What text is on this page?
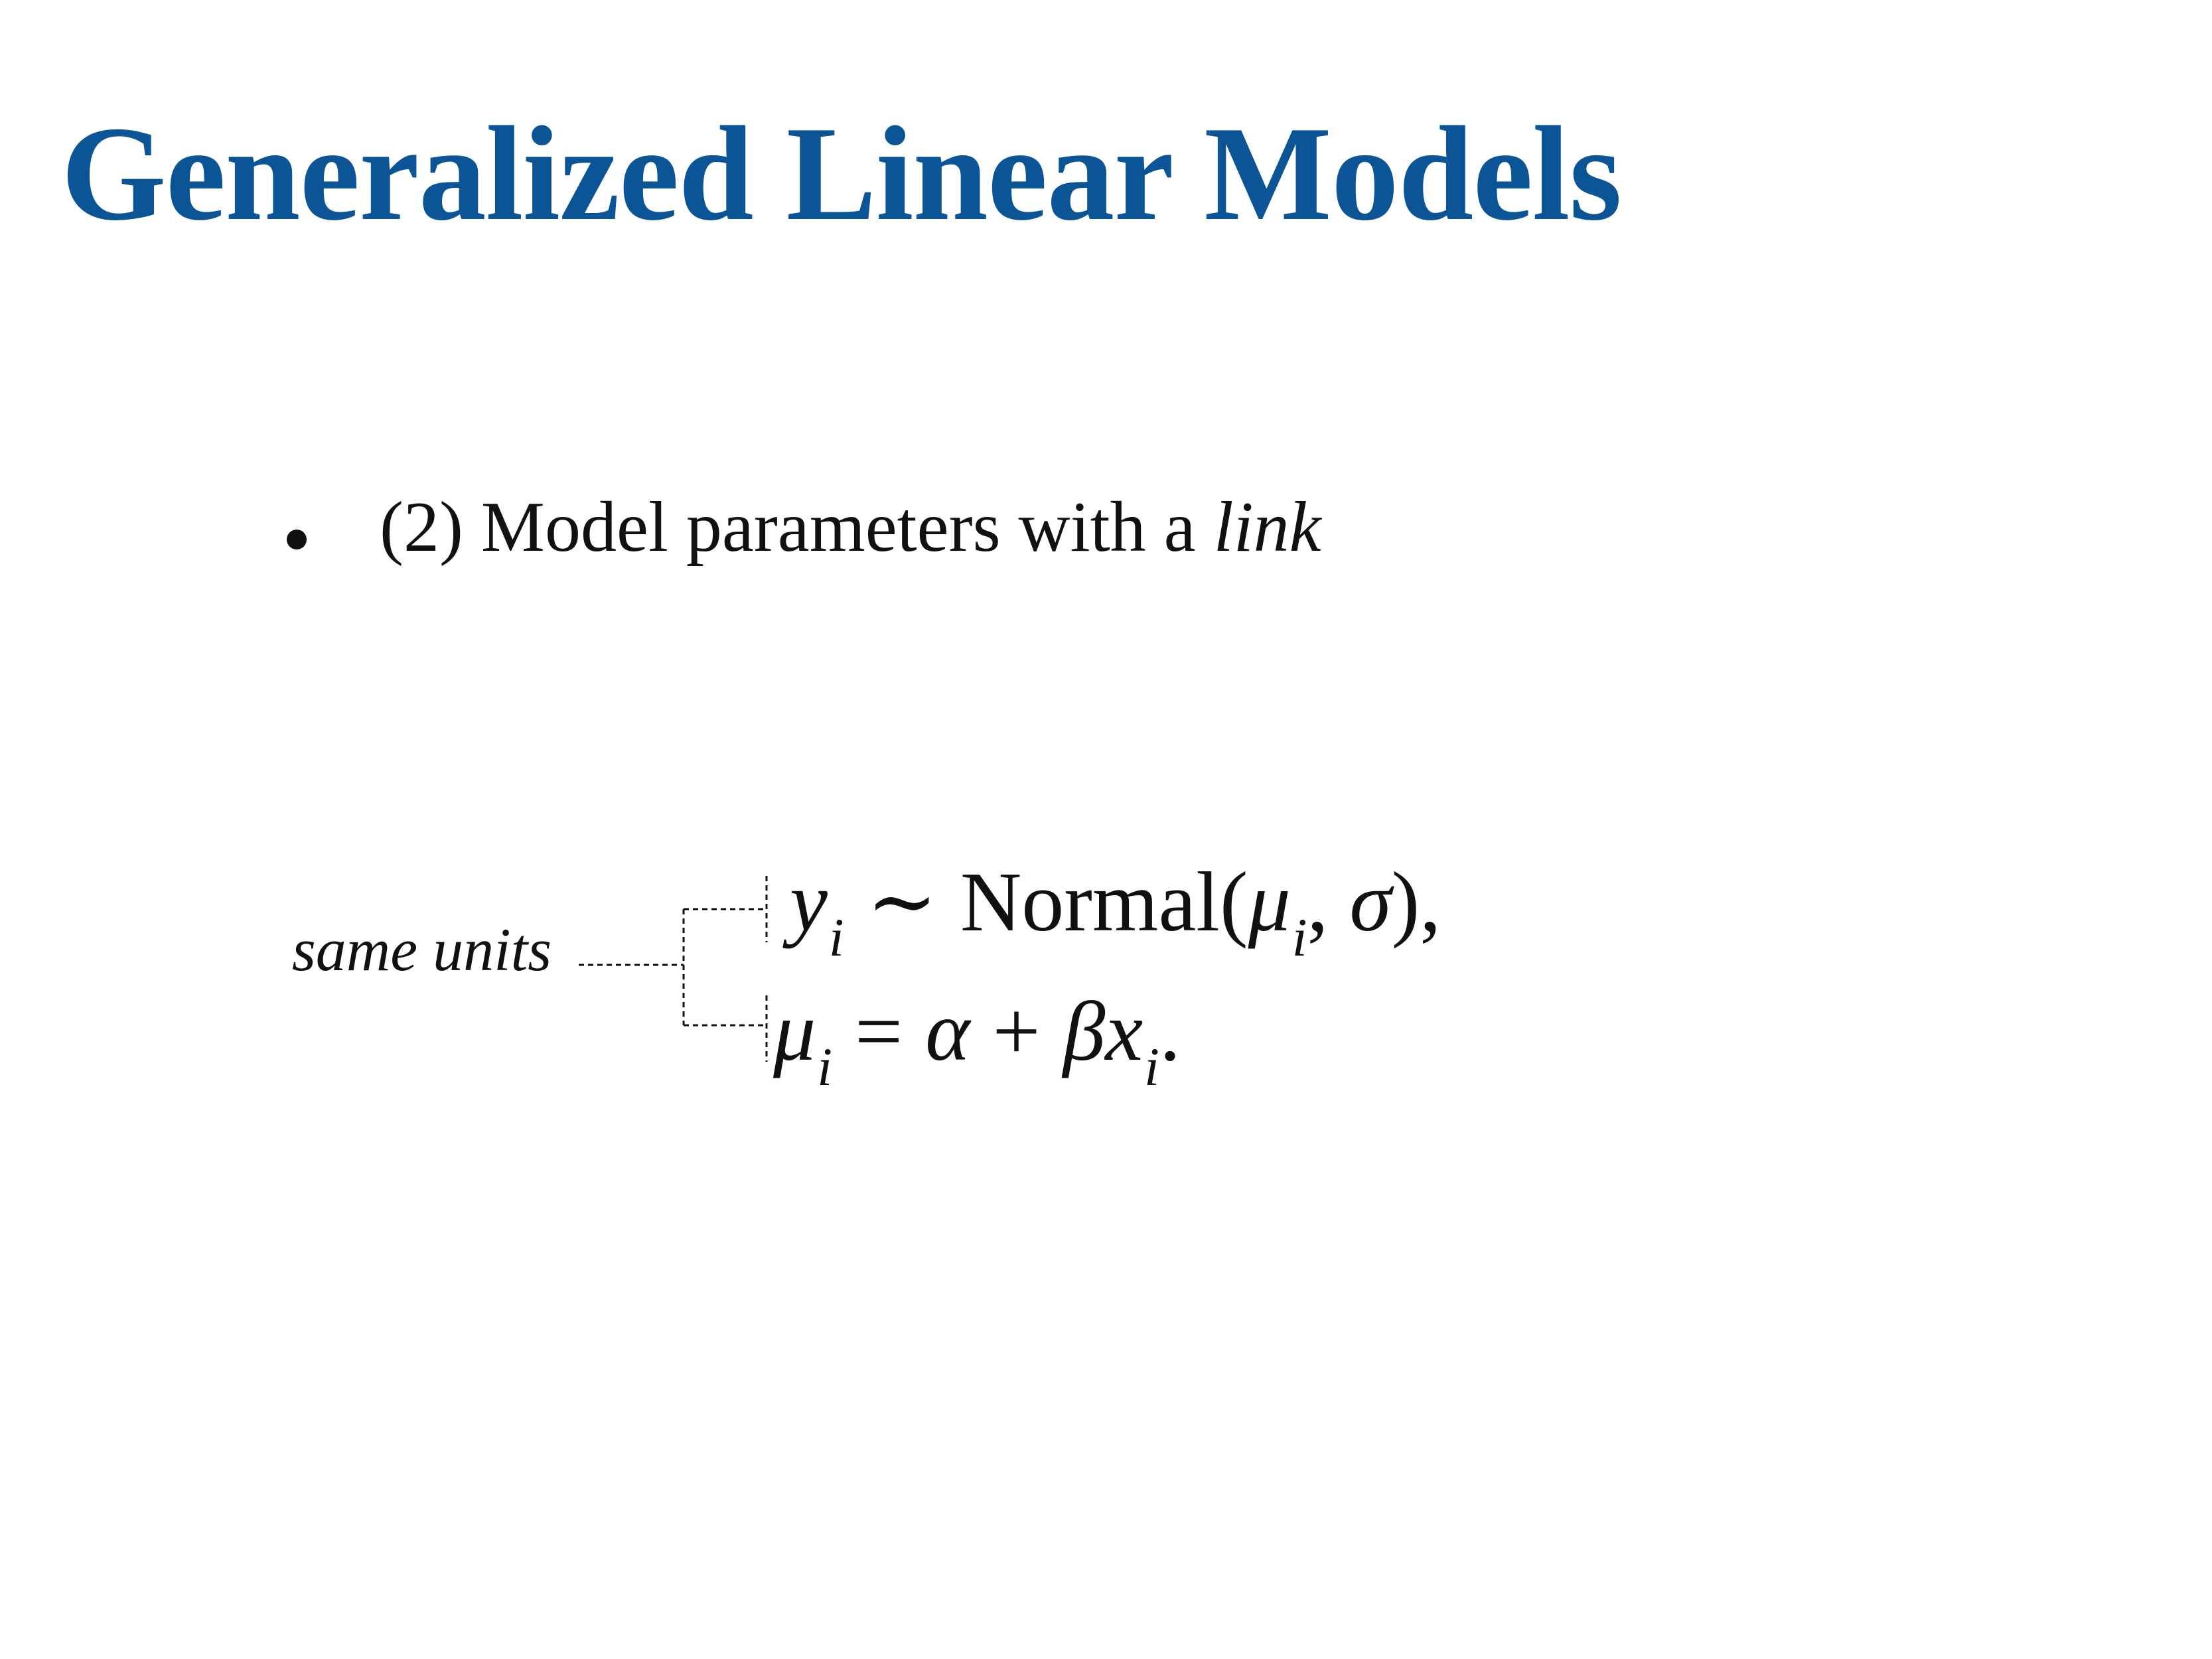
Generalized Linear Models
(2) Model parameters with a link
same units
$y_i$ ∼ $Normal(\mu_i$, σ),
$\mu_i = \alpha + \beta x_i$.
